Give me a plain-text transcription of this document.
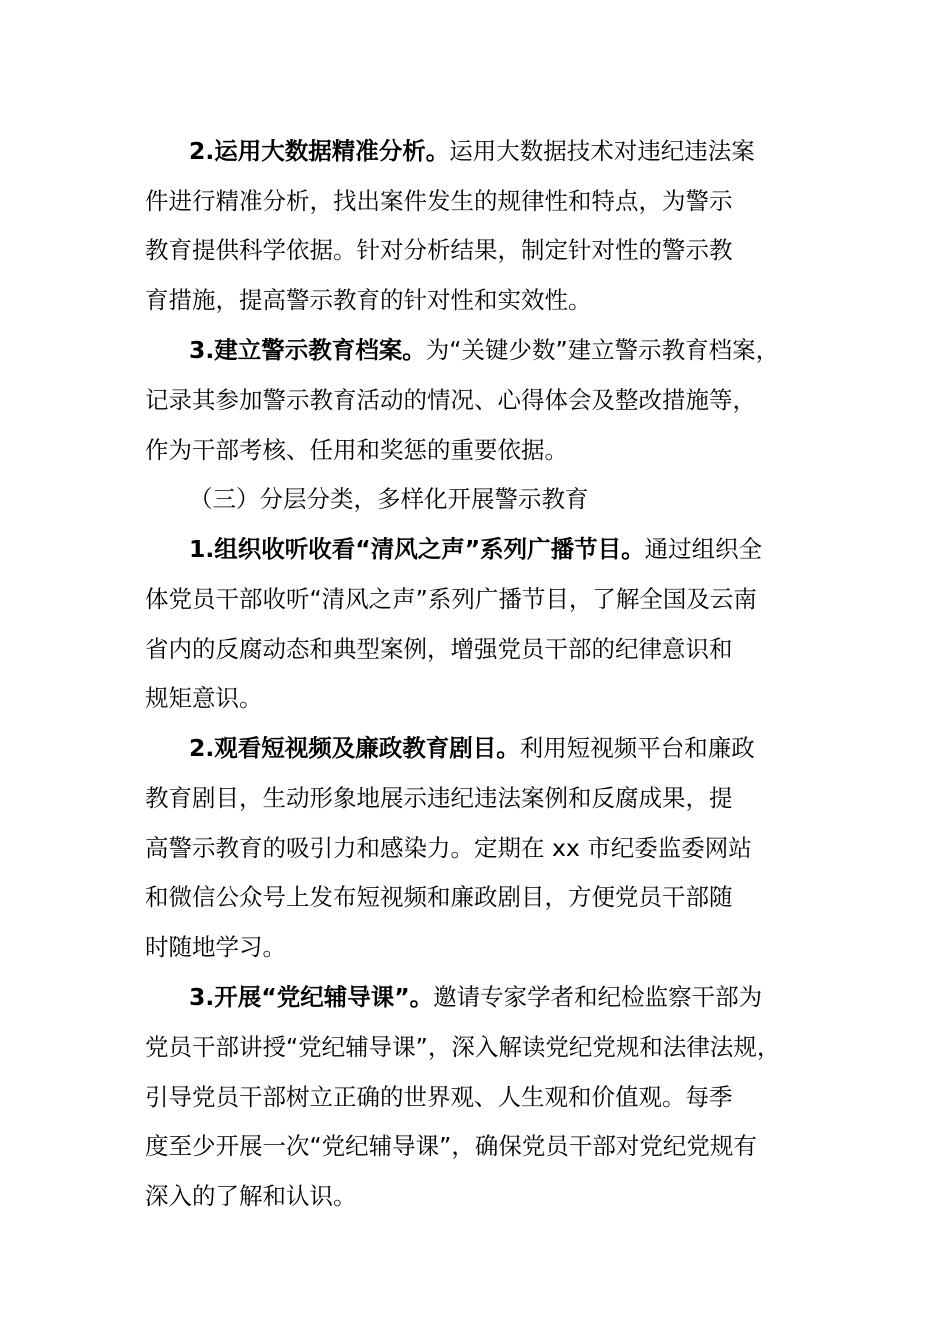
2.运用大数据精准分析。运用大数据技术对违纪违法案
件进行精准分析，找出案件发生的规律性和特点，为警示
教育提供科学依据。针对分析结果，制定针对性的警示教
育措施，提高警示教育的针对性和实效性。
3.建立警示教育档案。为“关键少数”建立警示教育档案，
记录其参加警示教育活动的情况、心得体会及整改措施等，
作为干部考核、任用和奖惩的重要依据。
（三）分层分类，多样化开展警示教育
1.组织收听收看“清风之声”系列广播节目。通过组织全
体党员干部收听“清风之声”系列广播节目，了解全国及云南
省内的反腐动态和典型案例，增强党员干部的纪律意识和
规矩意识。
2.观看短视频及廉政教育剧目。利用短视频平台和廉政
教育剧目，生动形象地展示违纪违法案例和反腐成果，提
高警示教育的吸引力和感染力。定期在 xx 市纪委监委网站
和微信公众号上发布短视频和廉政剧目，方便党员干部随
时随地学习。
3.开展“党纪辅导课”。邀请专家学者和纪检监察干部为
党员干部讲授“党纪辅导课”，深入解读党纪党规和法律法规，
引导党员干部树立正确的世界观、人生观和价值观。每季
度至少开展一次“党纪辅导课”，确保党员干部对党纪党规有
深入的了解和认识。
